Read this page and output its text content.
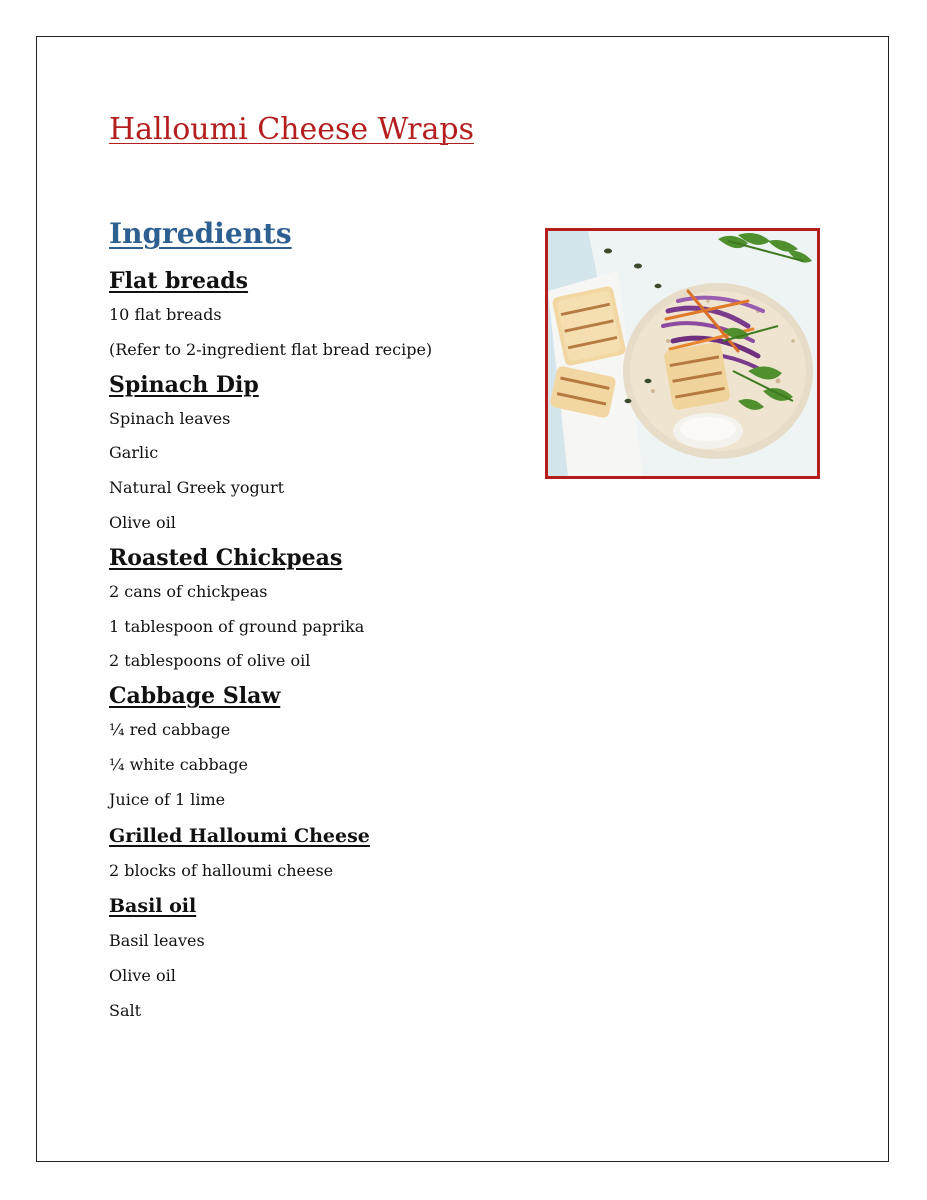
Halloumi Cheese Wraps
Ingredients
Flat breads

10 flat breads

(Refer to 2-ingredient flat bread recipe)

Spinach Dip

Spinach leaves

Garlic

Natural Greek yogurt

Olive oil

Roasted Chickpeas

2 cans of chickpeas

1 tablespoon of ground paprika

2 tablespoons of olive oil

Cabbage Slaw

¼ red cabbage

¼ white cabbage

Juice of 1 lime

Grilled Halloumi Cheese

2 blocks of halloumi cheese

Basil oil

Basil leaves

Olive oil

Salt
